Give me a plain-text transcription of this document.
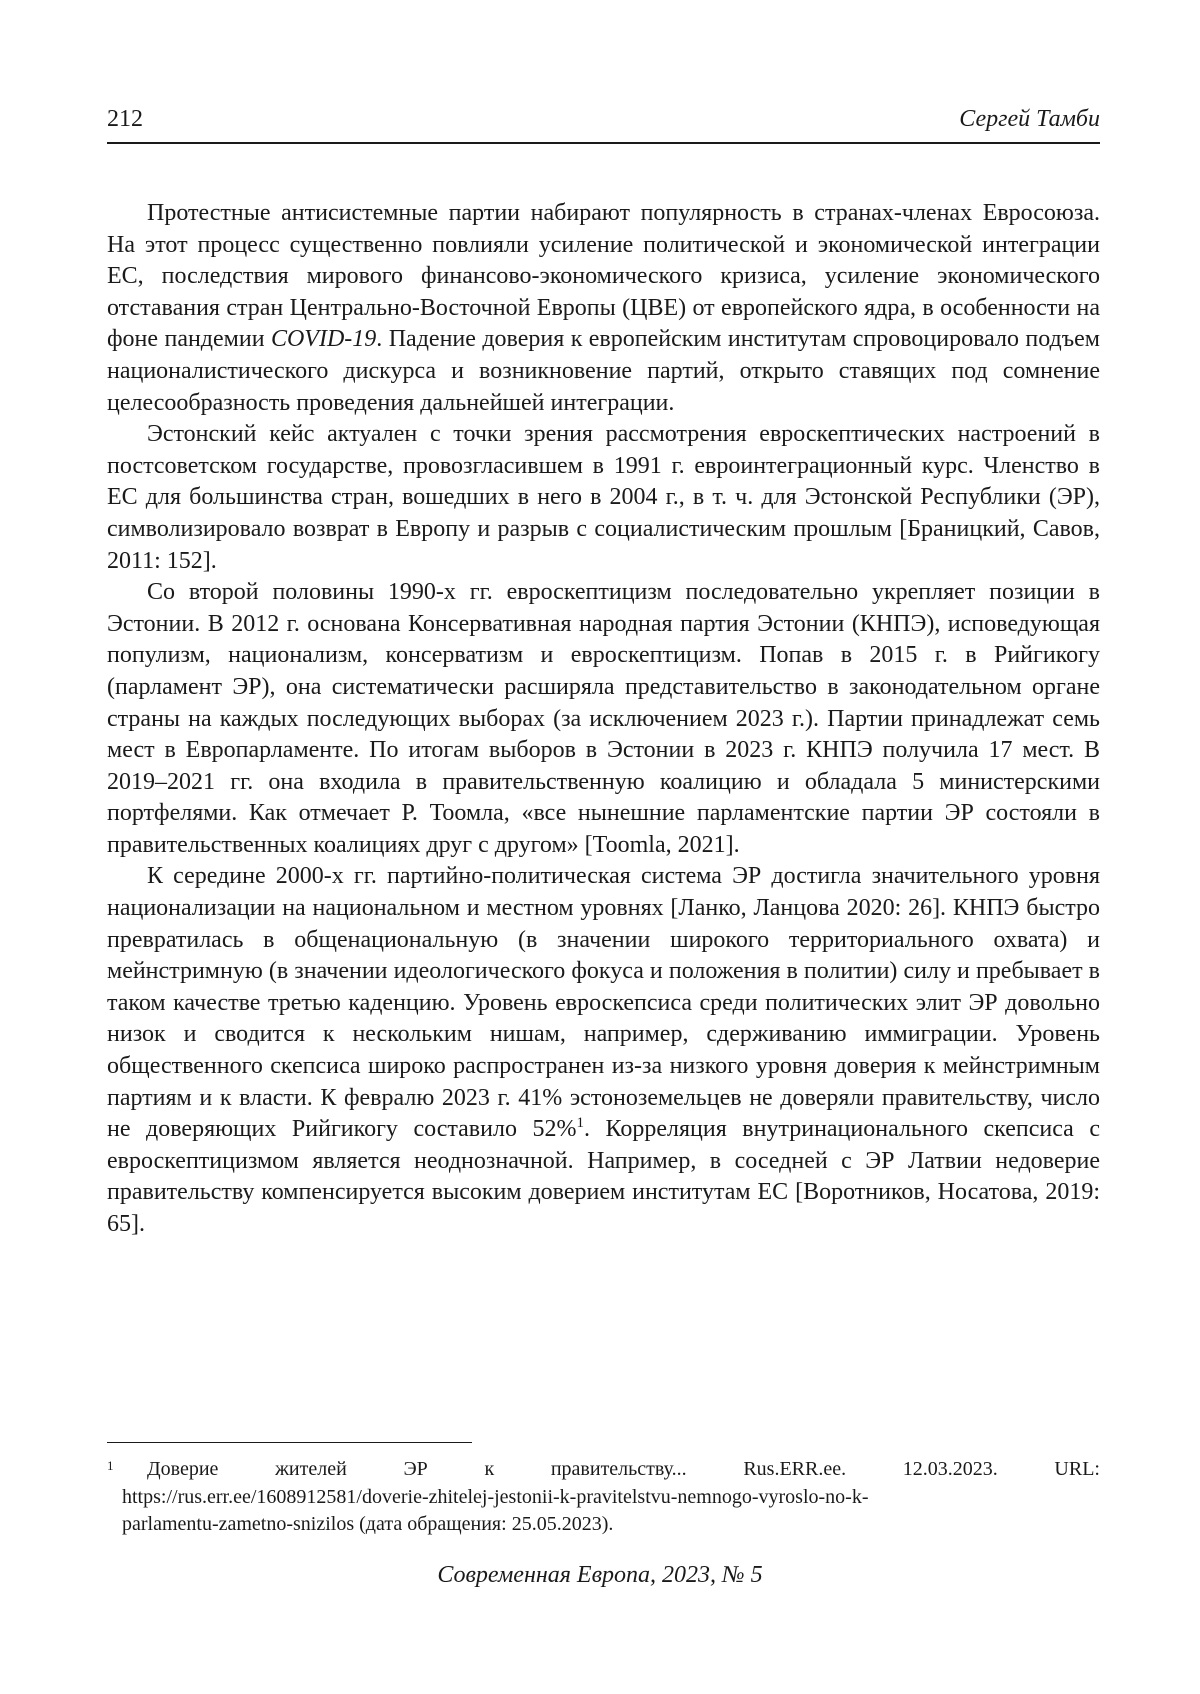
212	Сергей Тамби

Протестные антисистемные партии набирают популярность в странах-членах Евросоюза. На этот процесс существенно повлияли усиление политической и экономической интеграции ЕС, последствия мирового финансово-экономического кризиса, усиление экономического отставания стран Центрально-Восточной Европы (ЦВЕ) от европейского ядра, в особенности на фоне пандемии COVID-19. Падение доверия к европейским институтам спровоцировало подъем националистического дискурса и возникновение партий, открыто ставящих под сомнение целесообразность проведения дальнейшей интеграции.

Эстонский кейс актуален с точки зрения рассмотрения евроскептических настроений в постсоветском государстве, провозгласившем в 1991 г. евроинтеграционный курс. Членство в ЕС для большинства стран, вошедших в него в 2004 г., в т. ч. для Эстонской Республики (ЭР), символизировало возврат в Европу и разрыв с социалистическим прошлым [Браницкий, Савов, 2011: 152].

Со второй половины 1990-х гг. евроскептицизм последовательно укрепляет позиции в Эстонии. В 2012 г. основана Консервативная народная партия Эстонии (КНПЭ), исповедующая популизм, национализм, консерватизм и евроскептицизм. Попав в 2015 г. в Рийгикогу (парламент ЭР), она систематически расширяла представительство в законодательном органе страны на каждых последующих выборах (за исключением 2023 г.). Партии принадлежат семь мест в Европарламенте. По итогам выборов в Эстонии в 2023 г. КНПЭ получила 17 мест. В 2019–2021 гг. она входила в правительственную коалицию и обладала 5 министерскими портфелями. Как отмечает Р. Тоомла, «все нынешние парламентские партии ЭР состояли в правительственных коалициях друг с другом» [Toomla, 2021].

К середине 2000-х гг. партийно-политическая система ЭР достигла значительного уровня национализации на национальном и местном уровнях [Ланко, Ланцова 2020: 26]. КНПЭ быстро превратилась в общенациональную (в значении широкого территориального охвата) и мейнстримную (в значении идеологического фокуса и положения в политии) силу и пребывает в таком качестве третью каденцию. Уровень евроскепсиса среди политических элит ЭР довольно низок и сводится к нескольким нишам, например, сдерживанию иммиграции. Уровень общественного скепсиса широко распространен из-за низкого уровня доверия к мейнстримным партиям и к власти. К февралю 2023 г. 41% эстоноземельцев не доверяли правительству, число не доверяющих Рийгикогу составило 52%$^1$. Корреляция внутринационального скепсиса с евроскептицизмом является неоднозначной. Например, в соседней с ЭР Латвии недоверие правительству компенсируется высоким доверием институтам ЕС [Воротников, Носатова, 2019: 65].

1 Доверие жителей ЭР к правительству... Rus.ERR.ee. 12.03.2023. URL:
https://rus.err.ee/1608912581/doverie-zhitelej-jestonii-k-pravitelstvu-nemnogo-vyroslo-no-k-
parlamentu-zametno-snizilos (дата обращения: 25.05.2023).
Современная Европа, 2023, № 5
